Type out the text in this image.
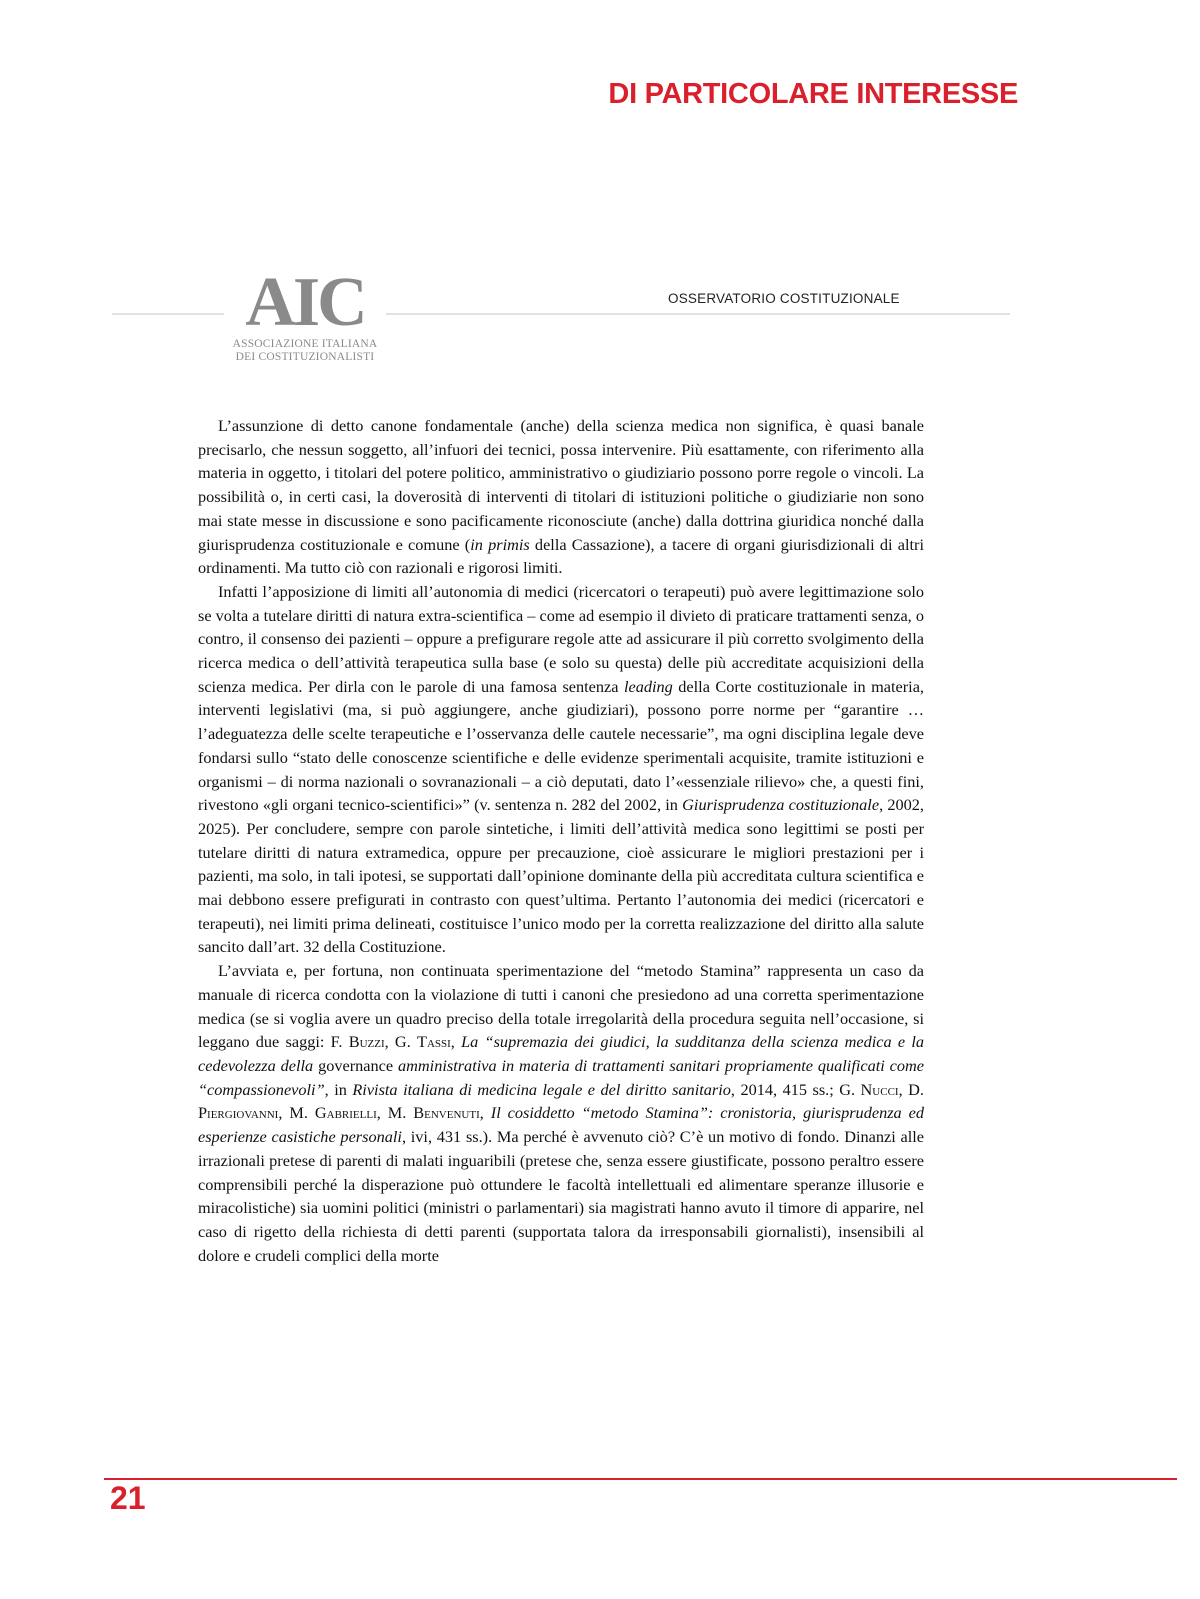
DI PARTICOLARE INTERESSE
AIC
ASSOCIAZIONE ITALIANA
DEI COSTITUZIONALISTI
OSSERVATORIO COSTITUZIONALE

L’assunzione di detto canone fondamentale (anche) della scienza medica non significa, è quasi banale precisarlo, che nessun soggetto, all’infuori dei tecnici, possa intervenire. Più esattamente, con riferimento alla materia in oggetto, i titolari del potere politico, amministrativo o giudiziario possono porre regole o vincoli. La possibilità o, in certi casi, la doverosità di interventi di titolari di istituzioni politiche o giudiziarie non sono mai state messe in discussione e sono pacificamente riconosciute (anche) dalla dottrina giuridica nonché dalla giurisprudenza costituzionale e comune (in primis della Cassazione), a tacere di organi giurisdizionali di altri ordinamenti. Ma tutto ciò con razionali e rigorosi limiti.

Infatti l’apposizione di limiti all’autonomia di medici (ricercatori o terapeuti) può avere legittimazione solo se volta a tutelare diritti di natura extra-scientifica – come ad esempio il divieto di praticare trattamenti senza, o contro, il consenso dei pazienti – oppure a prefigurare regole atte ad assicurare il più corretto svolgimento della ricerca medica o dell’attività terapeutica sulla base (e solo su questa) delle più accreditate acquisizioni della scienza medica. Per dirla con le parole di una famosa sentenza leading della Corte costituzionale in materia, interventi legislativi (ma, si può aggiungere, anche giudiziari), possono porre norme per “garantire … l’adeguatezza delle scelte terapeutiche e l’osservanza delle cautele necessarie”, ma ogni disciplina legale deve fondarsi sullo “stato delle conoscenze scientifiche e delle evidenze sperimentali acquisite, tramite istituzioni e organismi – di norma nazionali o sovranazionali – a ciò deputati, dato l’«essenziale rilievo» che, a questi fini, rivestono «gli organi tecnico-scientifici»” (v. sentenza n. 282 del 2002, in Giurisprudenza costituzionale, 2002, 2025). Per concludere, sempre con parole sintetiche, i limiti dell’attività medica sono legittimi se posti per tutelare diritti di natura extramedica, oppure per precauzione, cioè assicurare le migliori prestazioni per i pazienti, ma solo, in tali ipotesi, se supportati dall’opinione dominante della più accreditata cultura scientifica e mai debbono essere prefigurati in contrasto con quest’ultima. Pertanto l’autonomia dei medici (ricercatori e terapeuti), nei limiti prima delineati, costituisce l’unico modo per la corretta realizzazione del diritto alla salute sancito dall’art. 32 della Costituzione.

L’avviata e, per fortuna, non continuata sperimentazione del “metodo Stamina” rappresenta un caso da manuale di ricerca condotta con la violazione di tutti i canoni che presiedono ad una corretta sperimentazione medica (se si voglia avere un quadro preciso della totale irregolarità della procedura seguita nell’occasione, si leggano due saggi: F. Buzzi, G. Tassi, La “supremazia dei giudici, la sudditanza della scienza medica e la cedevolezza della governance amministrativa in materia di trattamenti sanitari propriamente qualificati come “compassionevoli”, in Rivista italiana di medicina legale e del diritto sanitario, 2014, 415 ss.; G. Nucci, D. Piergiovanni, M. Gabrielli, M. Benvenuti, Il cosiddetto “metodo Stamina”: cronistoria, giurisprudenza ed esperienze casistiche personali, ivi, 431 ss.). Ma perché è avvenuto ciò? C’è un motivo di fondo. Dinanzi alle irrazionali pretese di parenti di malati inguaribili (pretese che, senza essere giustificate, possono peraltro essere comprensibili perché la disperazione può ottundere le facoltà intellettuali ed alimentare speranze illusorie e miracolistiche) sia uomini politici (ministri o parlamentari) sia magistrati hanno avuto il timore di apparire, nel caso di rigetto della richiesta di detti parenti (supportata talora da irresponsabili giornalisti), insensibili al dolore e crudeli complici della morte

21
